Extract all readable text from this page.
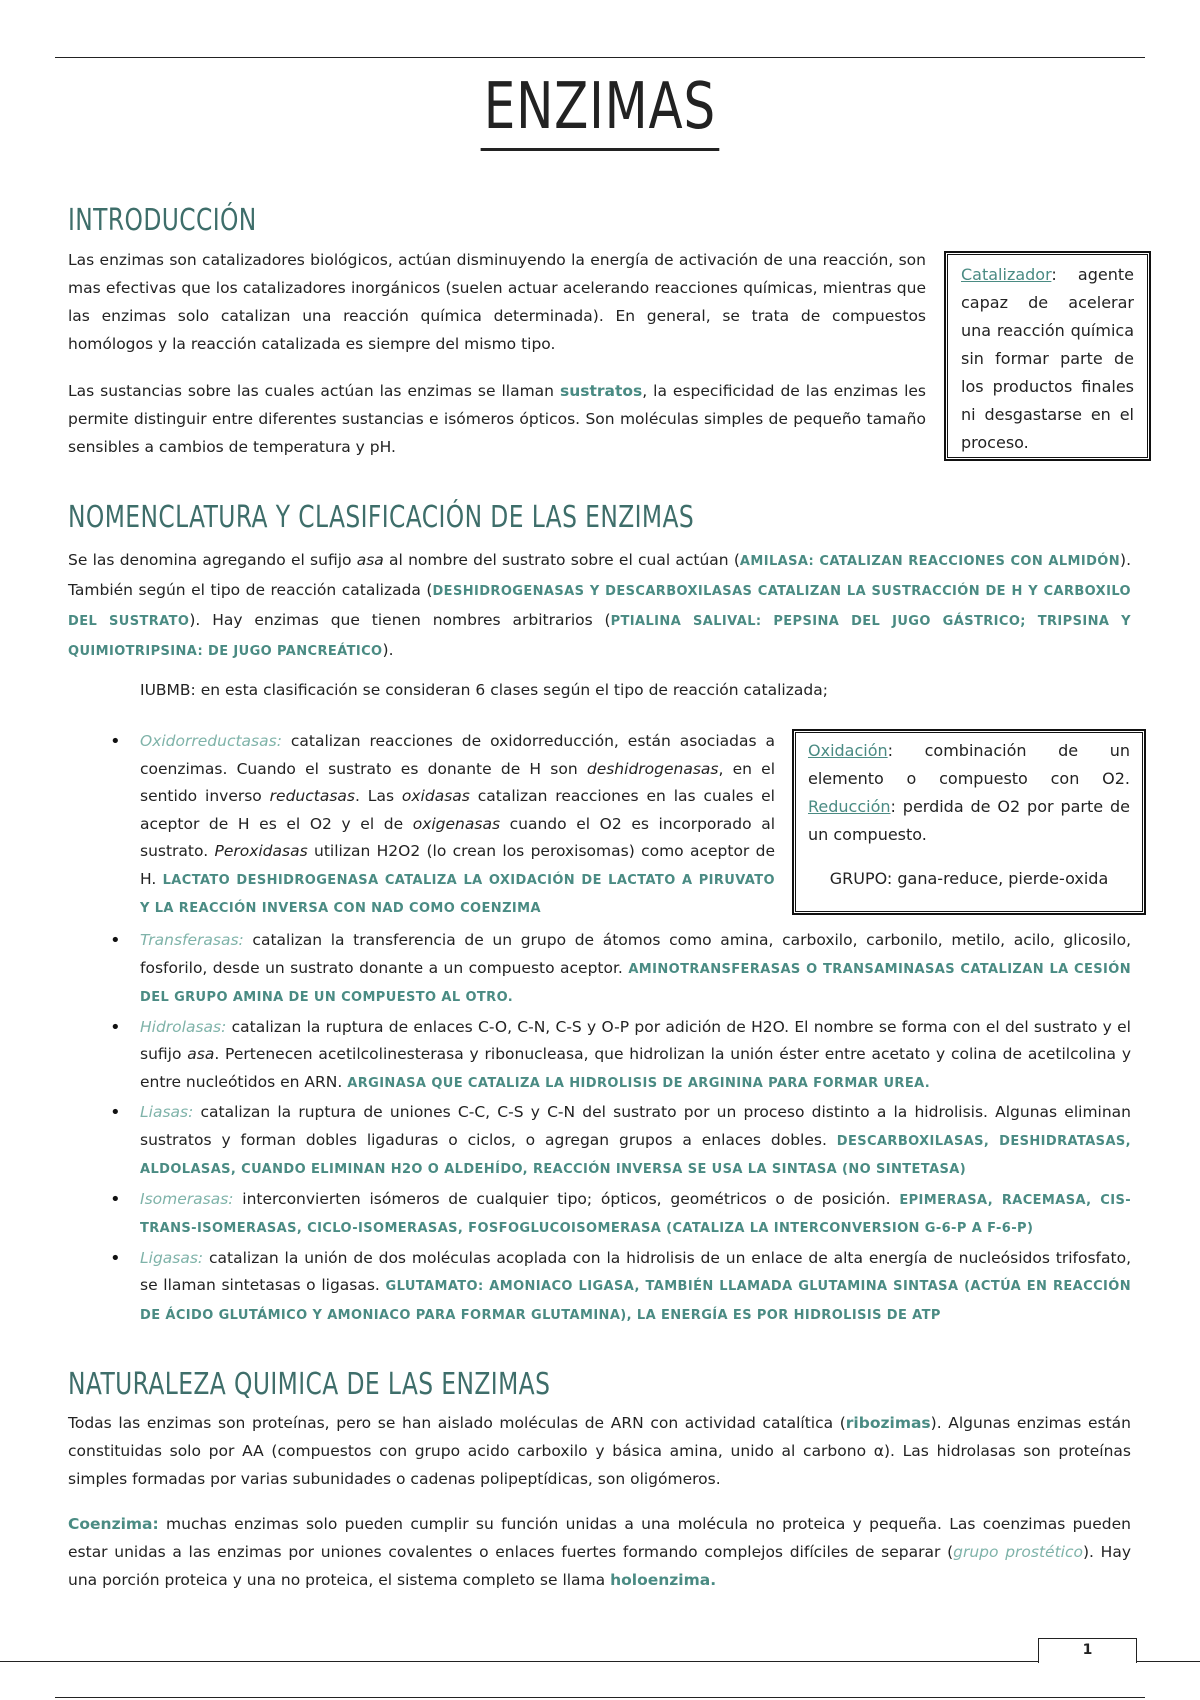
ENZIMAS
INTRODUCCIÓN

Las enzimas son catalizadores biológicos, actúan disminuyendo la energía de activación de una reacción, son mas efectivas que los catalizadores inorgánicos (suelen actuar acelerando reacciones químicas, mientras que las enzimas solo catalizan una reacción química determinada). En general, se trata de compuestos homólogos y la reacción catalizada es siempre del mismo tipo.

Las sustancias sobre las cuales actúan las enzimas se llaman sustratos, la especificidad de las enzimas les permite distinguir entre diferentes sustancias e isómeros ópticos. Son moléculas simples de pequeño tamaño sensibles a cambios de temperatura y pH.

Catalizador: agente capaz de acelerar una reacción química sin formar parte de los productos finales ni desgastarse en el proceso.

NOMENCLATURA Y CLASIFICACIÓN DE LAS ENZIMAS

Se las denomina agregando el sufijo asa al nombre del sustrato sobre el cual actúan (AMILASA: CATALIZAN REACCIONES CON ALMIDÓN). También según el tipo de reacción catalizada (DESHIDROGENASAS Y DESCARBOXILASAS CATALIZAN LA SUSTRACCIÓN DE H Y CARBOXILO DEL SUSTRATO). Hay enzimas que tienen nombres arbitrarios (PTIALINA SALIVAL: PEPSINA DEL JUGO GÁSTRICO; TRIPSINA Y QUIMIOTRIPSINA: DE JUGO PANCREÁTICO).

IUBMB: en esta clasificación se consideran 6 clases según el tipo de reacción catalizada;

Oxidación: combinación de un elemento o compuesto con O2. Reducción: perdida de O2 por parte de un compuesto.

GRUPO: gana-reduce, pierde-oxida

• Oxidorreductasas: catalizan reacciones de oxidorreducción, están asociadas a coenzimas. Cuando el sustrato es donante de H son deshidrogenasas, en el sentido inverso reductasas. Las oxidasas catalizan reacciones en las cuales el aceptor de H es el O2 y el de oxigenasas cuando el O2 es incorporado al sustrato. Peroxidasas utilizan H2O2 (lo crean los peroxisomas) como aceptor de H. LACTATO DESHIDROGENASA CATALIZA LA OXIDACIÓN DE LACTATO A PIRUVATO Y LA REACCIÓN INVERSA CON NAD COMO COENZIMA
• Transferasas: catalizan la transferencia de un grupo de átomos como amina, carboxilo, carbonilo, metilo, acilo, glicosilo, fosforilo, desde un sustrato donante a un compuesto aceptor. AMINOTRANSFERASAS O TRANSAMINASAS CATALIZAN LA CESIÓN DEL GRUPO AMINA DE UN COMPUESTO AL OTRO.
• Hidrolasas: catalizan la ruptura de enlaces C-O, C-N, C-S y O-P por adición de H2O. El nombre se forma con el del sustrato y el sufijo asa. Pertenecen acetilcolinesterasa y ribonucleasa, que hidrolizan la unión éster entre acetato y colina de acetilcolina y entre nucleótidos en ARN. ARGINASA QUE CATALIZA LA HIDROLISIS DE ARGININA PARA FORMAR UREA.
• Liasas: catalizan la ruptura de uniones C-C, C-S y C-N del sustrato por un proceso distinto a la hidrolisis. Algunas eliminan sustratos y forman dobles ligaduras o ciclos, o agregan grupos a enlaces dobles. DESCARBOXILASAS, DESHIDRATASAS, ALDOLASAS, CUANDO ELIMINAN H2O O ALDEHÍDO, REACCIÓN INVERSA SE USA LA SINTASA (NO SINTETASA)
• Isomerasas: interconvierten isómeros de cualquier tipo; ópticos, geométricos o de posición. EPIMERASA, RACEMASA, CIS-TRANS-ISOMERASAS, CICLO-ISOMERASAS, FOSFOGLUCOISOMERASA (CATALIZA LA INTERCONVERSION G-6-P A F-6-P)
• Ligasas: catalizan la unión de dos moléculas acoplada con la hidrolisis de un enlace de alta energía de nucleósidos trifosfato, se llaman sintetasas o ligasas. GLUTAMATO: AMONIACO LIGASA, TAMBIÉN LLAMADA GLUTAMINA SINTASA (ACTÚA EN REACCIÓN DE ÁCIDO GLUTÁMICO Y AMONIACO PARA FORMAR GLUTAMINA), LA ENERGÍA ES POR HIDROLISIS DE ATP
NATURALEZA QUIMICA DE LAS ENZIMAS

Todas las enzimas son proteínas, pero se han aislado moléculas de ARN con actividad catalítica (ribozimas). Algunas enzimas están constituidas solo por AA (compuestos con grupo acido carboxilo y básica amina, unido al carbono α). Las hidrolasas son proteínas simples formadas por varias subunidades o cadenas polipeptídicas, son oligómeros.

Coenzima: muchas enzimas solo pueden cumplir su función unidas a una molécula no proteica y pequeña. Las coenzimas pueden estar unidas a las enzimas por uniones covalentes o enlaces fuertes formando complejos difíciles de separar (grupo prostético). Hay una porción proteica y una no proteica, el sistema completo se llama holoenzima.

1
